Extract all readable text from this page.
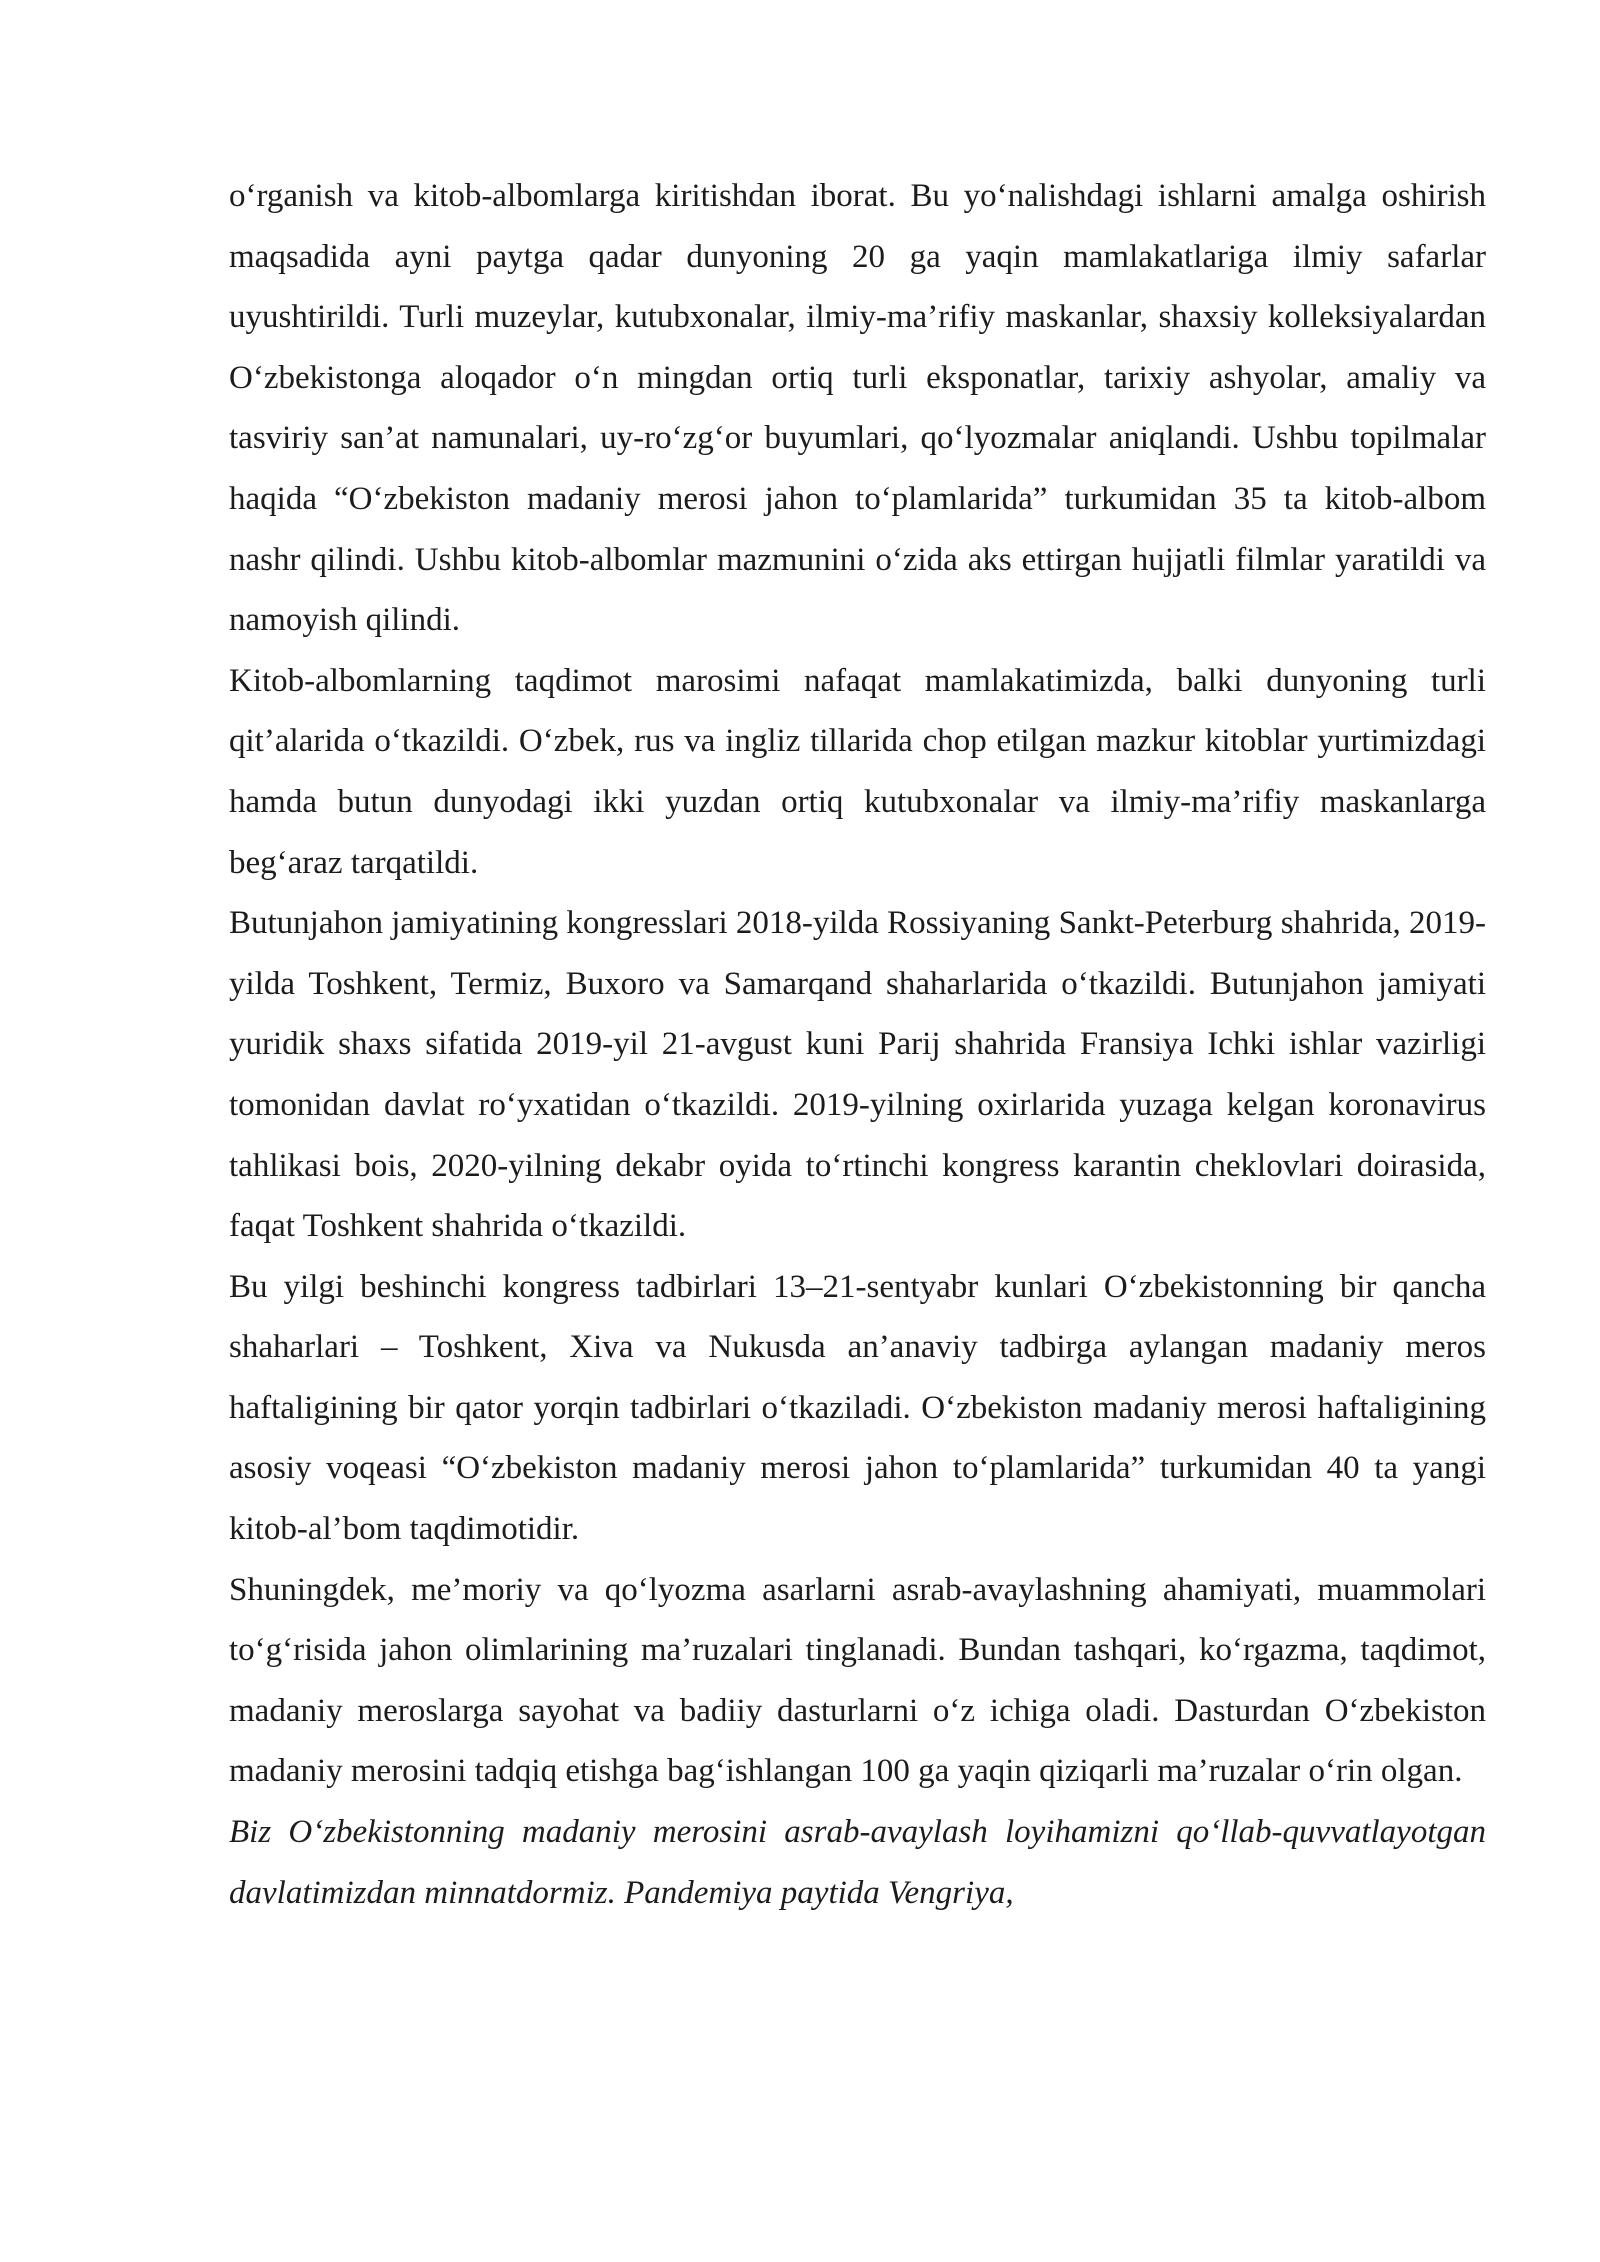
o‘rganish va kitob-albomlarga kiritishdan iborat. Bu yo‘nalishdagi ishlarni amalga oshirish maqsadida ayni paytga qadar dunyoning 20 ga yaqin mamlakatlariga ilmiy safarlar uyushtirildi. Turli muzeylar, kutubxonalar, ilmiy-ma’rifiy maskanlar, shaxsiy kolleksiyalardan O‘zbekistonga aloqador o‘n mingdan ortiq turli eksponatlar, tarixiy ashyolar, amaliy va tasviriy san’at namunalari, uy-ro‘zg‘or buyumlari, qo‘lyozmalar aniqlandi. Ushbu topilmalar haqida “O‘zbekiston madaniy merosi jahon to‘plamlarida” turkumidan 35 ta kitob-albom nashr qilindi. Ushbu kitob-albomlar mazmunini o‘zida aks ettirgan hujjatli filmlar yaratildi va namoyish qilindi.

Kitob-albomlarning taqdimot marosimi nafaqat mamlakatimizda, balki dunyoning turli qit’alarida o‘tkazildi. O‘zbek, rus va ingliz tillarida chop etilgan mazkur kitoblar yurtimizdagi hamda butun dunyodagi ikki yuzdan ortiq kutubxonalar va ilmiy-ma’rifiy maskanlarga beg‘araz tarqatildi.

Butunjahon jamiyatining kongresslari 2018-yilda Rossiyaning Sankt-Peterburg shahrida, 2019-yilda Toshkent, Termiz, Buxoro va Samarqand shaharlarida o‘tkazildi. Butunjahon jamiyati yuridik shaxs sifatida 2019-yil 21-avgust kuni Parij shahrida Fransiya Ichki ishlar vazirligi tomonidan davlat ro‘yxatidan o‘tkazildi. 2019-yilning oxirlarida yuzaga kelgan koronavirus tahlikasi bois, 2020-yilning dekabr oyida to‘rtinchi kongress karantin cheklovlari doirasida, faqat Toshkent shahrida o‘tkazildi.

Bu yilgi beshinchi kongress tadbirlari 13–21-sentyabr kunlari O‘zbekistonning bir qancha shaharlari – Toshkent, Xiva va Nukusda an’anaviy tadbirga aylangan madaniy meros haftaligining bir qator yorqin tadbirlari o‘tkaziladi. O‘zbekiston madaniy merosi haftaligining asosiy voqeasi “O‘zbekiston madaniy merosi jahon to‘plamlarida” turkumidan 40 ta yangi kitob-al’bom taqdimotidir.

Shuningdek, me’moriy va qo‘lyozma asarlarni asrab-avaylashning ahamiyati, muammolari to‘g‘risida jahon olimlarining ma’ruzalari tinglanadi. Bundan tashqari, ko‘rgazma, taqdimot, madaniy meroslarga sayohat va badiiy dasturlarni o‘z ichiga oladi. Dasturdan O‘zbekiston madaniy merosini tadqiq etishga bag‘ishlangan 100 ga yaqin qiziqarli ma’ruzalar o‘rin olgan.

Biz O‘zbekistonning madaniy merosini asrab-avaylash loyihamizni qo‘llab-quvvatlayotgan davlatimizdan minnatdormiz. Pandemiya paytida Vengriya,
